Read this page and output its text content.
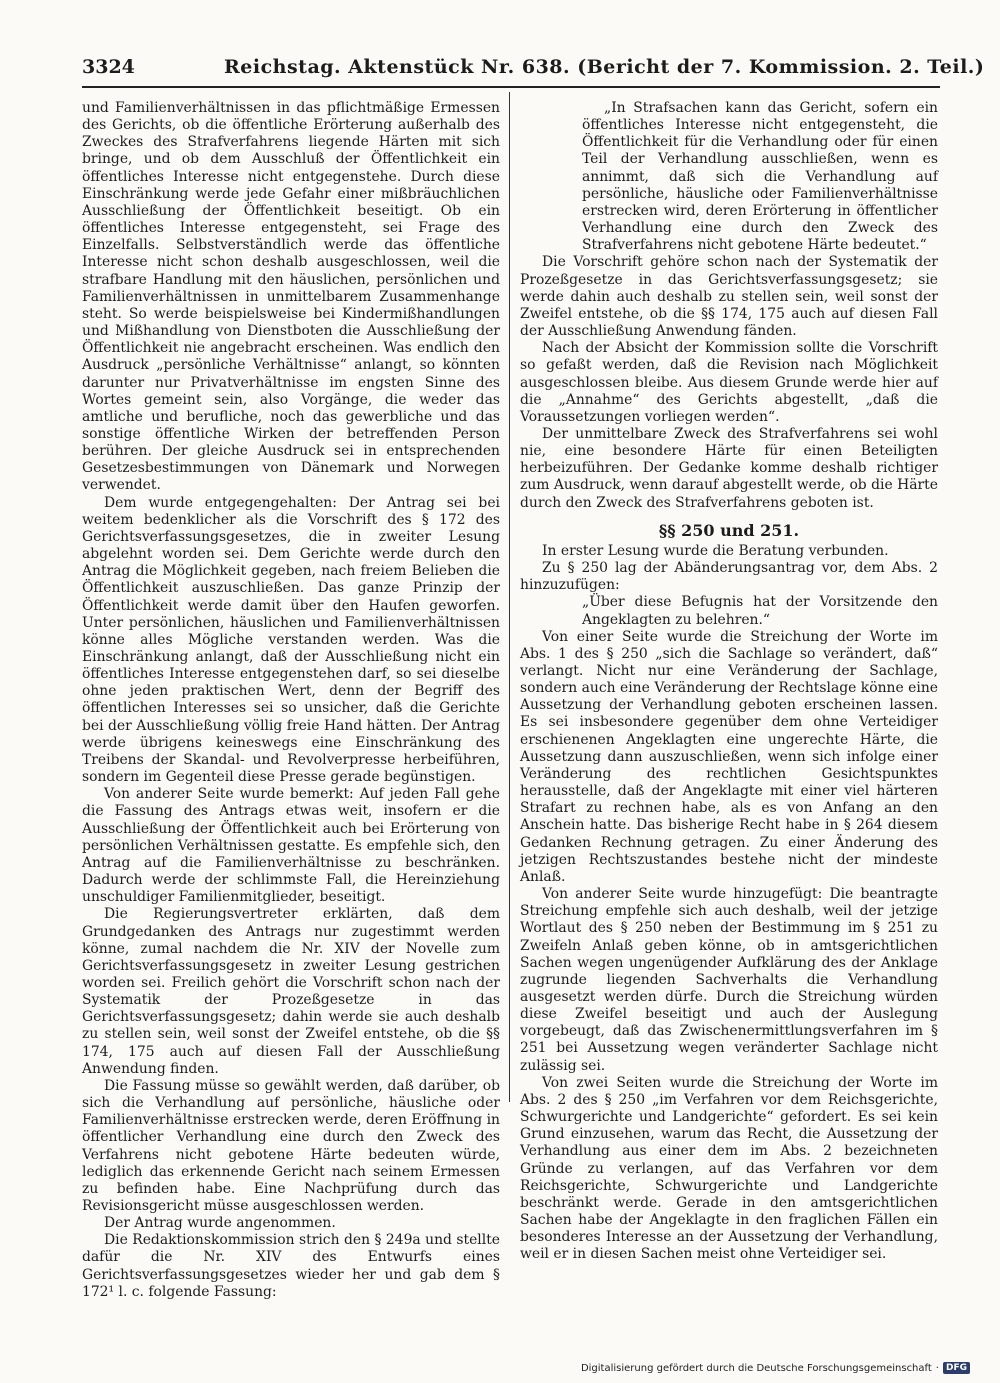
3324	Reichstag. Aktenstück Nr. 638. (Bericht der 7. Kommission. 2. Teil.)

und Familienverhältnissen in das pflichtmäßige Ermessen des Gerichts, ob die öffentliche Erörterung außerhalb des Zweckes des Strafverfahrens liegende Härten mit sich bringe, und ob dem Ausschluß der Öffentlichkeit ein öffentliches Interesse nicht entgegenstehe. Durch diese Einschränkung werde jede Gefahr einer mißbräuchlichen Ausschließung der Öffentlichkeit beseitigt. Ob ein öffentliches Interesse entgegensteht, sei Frage des Einzelfalls. Selbstverständlich werde das öffentliche Interesse nicht schon deshalb ausgeschlossen, weil die strafbare Handlung mit den häuslichen, persönlichen und Familienverhältnissen in unmittelbarem Zusammenhange steht. So werde beispielsweise bei Kindermißhandlungen und Mißhandlung von Dienstboten die Ausschließung der Öffentlichkeit nie angebracht erscheinen. Was endlich den Ausdruck „persönliche Verhältnisse“ anlangt, so könnten darunter nur Privatverhältnisse im engsten Sinne des Wortes gemeint sein, also Vorgänge, die weder das amtliche und berufliche, noch das gewerbliche und das sonstige öffentliche Wirken der betreffenden Person berühren. Der gleiche Ausdruck sei in entsprechenden Gesetzesbestimmungen von Dänemark und Norwegen verwendet.

Dem wurde entgegengehalten: Der Antrag sei bei weitem bedenklicher als die Vorschrift des § 172 des Gerichtsverfassungsgesetzes, die in zweiter Lesung abgelehnt worden sei. Dem Gerichte werde durch den Antrag die Möglichkeit gegeben, nach freiem Belieben die Öffentlichkeit auszuschließen. Das ganze Prinzip der Öffentlichkeit werde damit über den Haufen geworfen. Unter persönlichen, häuslichen und Familienverhältnissen könne alles Mögliche verstanden werden. Was die Einschränkung anlangt, daß der Ausschließung nicht ein öffentliches Interesse entgegenstehen darf, so sei dieselbe ohne jeden praktischen Wert, denn der Begriff des öffentlichen Interesses sei so unsicher, daß die Gerichte bei der Ausschließung völlig freie Hand hätten. Der Antrag werde übrigens keineswegs eine Einschränkung des Treibens der Skandal- und Revolverpresse herbeiführen, sondern im Gegenteil diese Presse gerade begünstigen.

Von anderer Seite wurde bemerkt: Auf jeden Fall gehe die Fassung des Antrags etwas weit, insofern er die Ausschließung der Öffentlichkeit auch bei Erörterung von persönlichen Verhältnissen gestatte. Es empfehle sich, den Antrag auf die Familienverhältnisse zu beschränken. Dadurch werde der schlimmste Fall, die Hereinziehung unschuldiger Familienmitglieder, beseitigt.

Die Regierungsvertreter erklärten, daß dem Grundgedanken des Antrags nur zugestimmt werden könne, zumal nachdem die Nr. XIV der Novelle zum Gerichtsverfassungsgesetz in zweiter Lesung gestrichen worden sei. Freilich gehört die Vorschrift schon nach der Systematik der Prozeßgesetze in das Gerichtsverfassungsgesetz; dahin werde sie auch deshalb zu stellen sein, weil sonst der Zweifel entstehe, ob die §§ 174, 175 auch auf diesen Fall der Ausschließung Anwendung finden.

Die Fassung müsse so gewählt werden, daß darüber, ob sich die Verhandlung auf persönliche, häusliche oder Familienverhältnisse erstrecken werde, deren Eröffnung in öffentlicher Verhandlung eine durch den Zweck des Verfahrens nicht gebotene Härte bedeuten würde, lediglich das erkennende Gericht nach seinem Ermessen zu befinden habe. Eine Nachprüfung durch das Revisionsgericht müsse ausgeschlossen werden.

Der Antrag wurde angenommen.

Die Redaktionskommission strich den § 249a und stellte dafür die Nr. XIV des Entwurfs eines Gerichtsverfassungsgesetzes wieder her und gab dem § 172¹ l. c. folgende Fassung:

„In Strafsachen kann das Gericht, sofern ein öffentliches Interesse nicht entgegensteht, die Öffentlichkeit für die Verhandlung oder für einen Teil der Verhandlung ausschließen, wenn es annimmt, daß sich die Verhandlung auf persönliche, häusliche oder Familienverhältnisse erstrecken wird, deren Erörterung in öffentlicher Verhandlung eine durch den Zweck des Strafverfahrens nicht gebotene Härte bedeutet.“

Die Vorschrift gehöre schon nach der Systematik der Prozeßgesetze in das Gerichtsverfassungsgesetz; sie werde dahin auch deshalb zu stellen sein, weil sonst der Zweifel entstehe, ob die §§ 174, 175 auch auf diesen Fall der Ausschließung Anwendung fänden.

Nach der Absicht der Kommission sollte die Vorschrift so gefaßt werden, daß die Revision nach Möglichkeit ausgeschlossen bleibe. Aus diesem Grunde werde hier auf die „Annahme“ des Gerichts abgestellt, „daß die Voraussetzungen vorliegen werden“.

Der unmittelbare Zweck des Strafverfahrens sei wohl nie, eine besondere Härte für einen Beteiligten herbeizuführen. Der Gedanke komme deshalb richtiger zum Ausdruck, wenn darauf abgestellt werde, ob die Härte durch den Zweck des Strafverfahrens geboten ist.

§§ 250 und 251.

In erster Lesung wurde die Beratung verbunden.

Zu § 250 lag der Abänderungsantrag vor, dem Abs. 2 hinzuzufügen:

„Über diese Befugnis hat der Vorsitzende den Angeklagten zu belehren.“

Von einer Seite wurde die Streichung der Worte im Abs. 1 des § 250 „sich die Sachlage so verändert, daß“ verlangt. Nicht nur eine Veränderung der Sachlage, sondern auch eine Veränderung der Rechtslage könne eine Aussetzung der Verhandlung geboten erscheinen lassen. Es sei insbesondere gegenüber dem ohne Verteidiger erschienenen Angeklagten eine ungerechte Härte, die Aussetzung dann auszuschließen, wenn sich infolge einer Veränderung des rechtlichen Gesichtspunktes herausstelle, daß der Angeklagte mit einer viel härteren Strafart zu rechnen habe, als es von Anfang an den Anschein hatte. Das bisherige Recht habe in § 264 diesem Gedanken Rechnung getragen. Zu einer Änderung des jetzigen Rechtszustandes bestehe nicht der mindeste Anlaß.

Von anderer Seite wurde hinzugefügt: Die beantragte Streichung empfehle sich auch deshalb, weil der jetzige Wortlaut des § 250 neben der Bestimmung im § 251 zu Zweifeln Anlaß geben könne, ob in amtsgerichtlichen Sachen wegen ungenügender Aufklärung des der Anklage zugrunde liegenden Sachverhalts die Verhandlung ausgesetzt werden dürfe. Durch die Streichung würden diese Zweifel beseitigt und auch der Auslegung vorgebeugt, daß das Zwischenermittlungsverfahren im § 251 bei Aussetzung wegen veränderter Sachlage nicht zulässig sei.

Von zwei Seiten wurde die Streichung der Worte im Abs. 2 des § 250 „im Verfahren vor dem Reichsgerichte, Schwurgerichte und Landgerichte“ gefordert. Es sei kein Grund einzusehen, warum das Recht, die Aussetzung der Verhandlung aus einer dem im Abs. 2 bezeichneten Gründe zu verlangen, auf das Verfahren vor dem Reichsgerichte, Schwurgerichte und Landgerichte beschränkt werde. Gerade in den amtsgerichtlichen Sachen habe der Angeklagte in den fraglichen Fällen ein besonderes Interesse an der Aussetzung der Verhandlung, weil er in diesen Sachen meist ohne Verteidiger sei.

Digitalisierung gefördert durch die Deutsche Forschungsgemeinschaft · DFG
